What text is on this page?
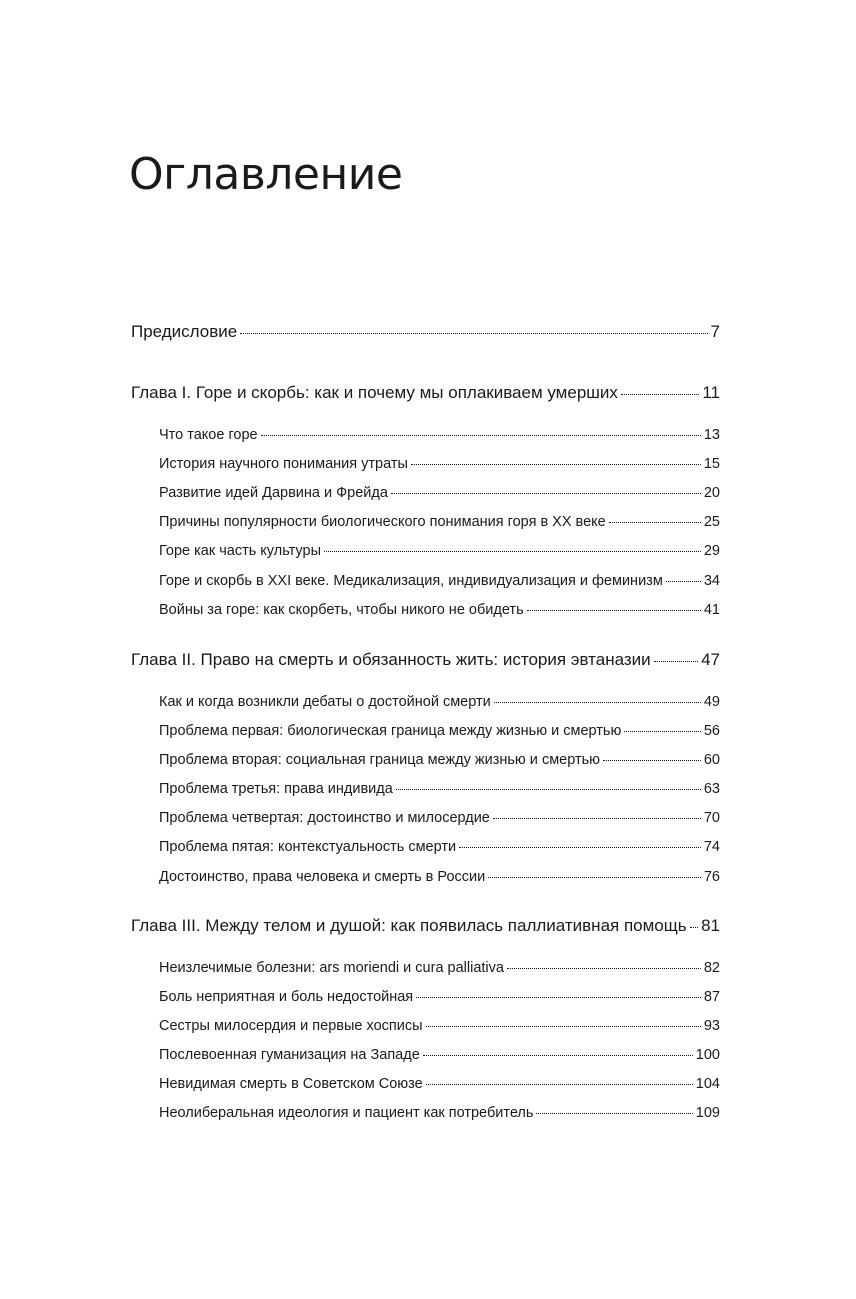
Оглавление
Предисловие	7
Глава I. Горе и скорбь: как и почему мы оплакиваем умерших	11
Что такое горе	13
История научного понимания утраты	15
Развитие идей Дарвина и Фрейда	20
Причины популярности биологического понимания горя в XX веке	25
Горе как часть культуры	29
Горе и скорбь в XXI веке. Медикализация, индивидуализация и феминизм	34
Войны за горе: как скорбеть, чтобы никого не обидеть	41
Глава II. Право на смерть и обязанность жить: история эвтаназии	47
Как и когда возникли дебаты о достойной смерти	49
Проблема первая: биологическая граница между жизнью и смертью	56
Проблема вторая: социальная граница между жизнью и смертью	60
Проблема третья: права индивида	63
Проблема четвертая: достоинство и милосердие	70
Проблема пятая: контекстуальность смерти	74
Достоинство, права человека и смерть в России	76
Глава III. Между телом и душой: как появилась паллиативная помощь 81
Неизлечимые болезни: ars moriendi и cura palliativa	82
Боль неприятная и боль недостойная	87
Сестры милосердия и первые хосписы	93
Послевоенная гуманизация на Западе	100
Невидимая смерть в Советском Союзе	104
Неолиберальная идеология и пациент как потребитель	109
